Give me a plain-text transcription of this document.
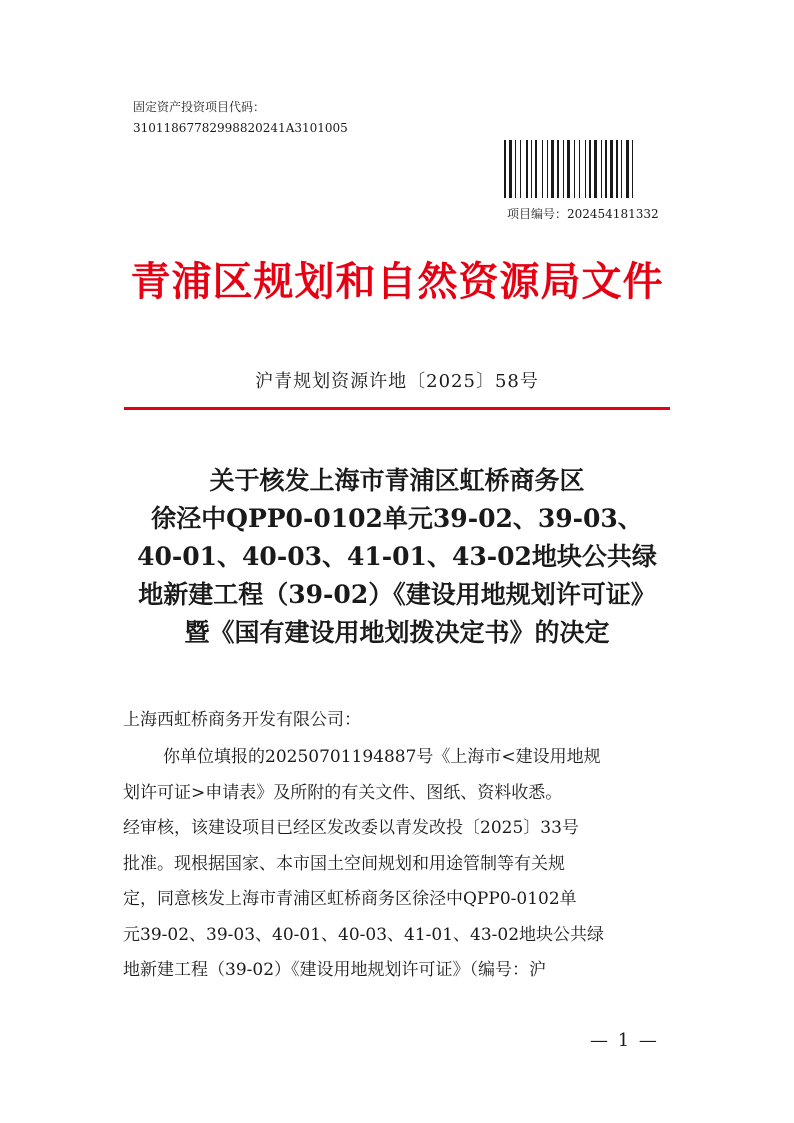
固定资产投资项目代码：
31011867782998820241A3101005
项目编号：202454181332
青浦区规划和自然资源局文件
沪青规划资源许地〔2025〕58号
关于核发上海市青浦区虹桥商务区
徐泾中QPP0-0102单元39-02、39-03、
40-01、40-03、41-01、43-02地块公共绿
地新建工程（39-02）《建设用地规划许可证》
暨《国有建设用地划拨决定书》的决定
上海西虹桥商务开发有限公司：
你单位填报的20250701194887号《上海市<建设用地规
划许可证>申请表》及所附的有关文件、图纸、资料收悉。
经审核，该建设项目已经区发改委以青发改投〔2025〕33号
批准。现根据国家、本市国土空间规划和用途管制等有关规
定，同意核发上海市青浦区虹桥商务区徐泾中QPP0-0102单
元39-02、39-03、40-01、40-03、41-01、43-02地块公共绿
地新建工程（39-02）《建设用地规划许可证》（编号：沪
— 1 —
